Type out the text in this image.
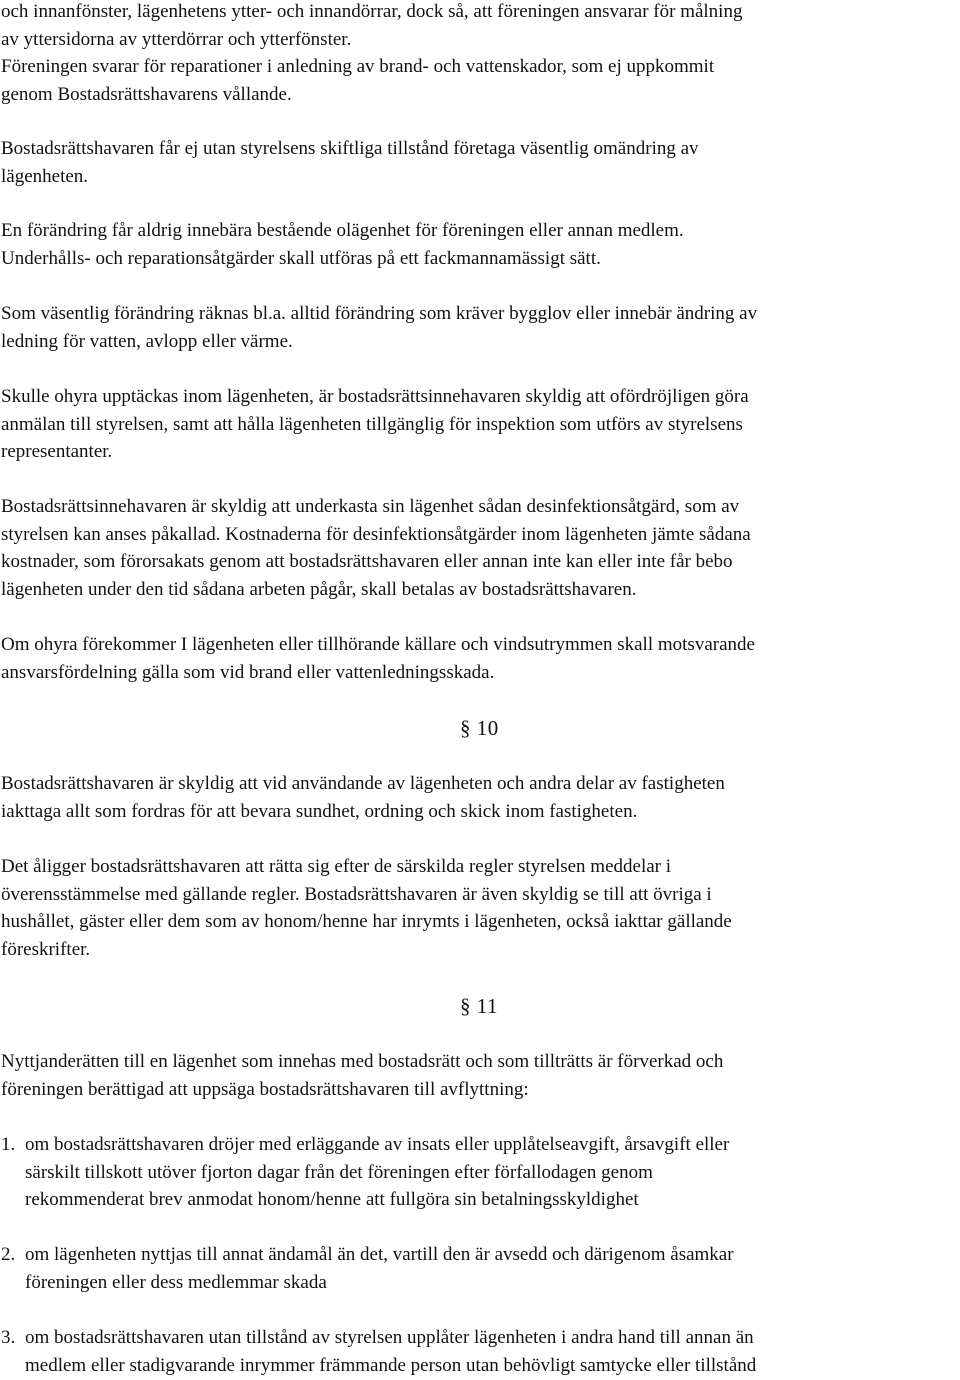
och innanfönster, lägenhetens ytter- och innandörrar, dock så, att föreningen ansvarar för målning
av yttersidorna av ytterdörrar och ytterfönster.
Föreningen svarar för reparationer i anledning av brand- och vattenskador, som ej uppkommit
genom Bostadsrättshavarens vållande.
Bostadsrättshavaren får ej utan styrelsens skiftliga tillstånd företaga väsentlig omändring av
lägenheten.
En förändring får aldrig innebära bestående olägenhet för föreningen eller annan medlem.
Underhålls- och reparationsåtgärder skall utföras på ett fackmannamässigt sätt.
Som väsentlig förändring räknas bl.a. alltid förändring som kräver bygglov eller innebär ändring av
ledning för vatten, avlopp eller värme.
Skulle ohyra upptäckas inom lägenheten, är bostadsrättsinnehavaren skyldig att ofördröjligen göra
anmälan till styrelsen, samt att hålla lägenheten tillgänglig för inspektion som utförs av styrelsens
representanter.
Bostadsrättsinnehavaren är skyldig att underkasta sin lägenhet sådan desinfektionsåtgärd, som av
styrelsen kan anses påkallad. Kostnaderna för desinfektionsåtgärder inom lägenheten jämte sådana
kostnader, som förorsakats genom att bostadsrättshavaren eller annan inte kan eller inte får bebo
lägenheten under den tid sådana arbeten pågår, skall betalas av bostadsrättshavaren.
Om ohyra förekommer I lägenheten eller tillhörande källare och vindsutrymmen skall motsvarande
ansvarsfördelning gälla som vid brand eller vattenledningsskada.
§ 10
Bostadsrättshavaren är skyldig att vid användande av lägenheten och andra delar av fastigheten
iakttaga allt som fordras för att bevara sundhet, ordning och skick inom fastigheten.
Det åligger bostadsrättshavaren att rätta sig efter de särskilda regler styrelsen meddelar i
överensstämmelse med gällande regler. Bostadsrättshavaren är även skyldig se till att övriga i
hushållet, gäster eller dem som av honom/henne har inrymts i lägenheten, också iakttar gällande
föreskrifter.
§ 11
Nyttjanderätten till en lägenhet som innehas med bostadsrätt och som tillträtts är förverkad och
föreningen berättigad att uppsäga bostadsrättshavaren till avflyttning:
1. om bostadsrättshavaren dröjer med erläggande av insats eller upplåtelseavgift, årsavgift eller
särskilt tillskott utöver fjorton dagar från det föreningen efter förfallodagen genom
rekommenderat brev anmodat honom/henne att fullgöra sin betalningsskyldighet
2. om lägenheten nyttjas till annat ändamål än det, vartill den är avsedd och därigenom åsamkar
föreningen eller dess medlemmar skada
3. om bostadsrättshavaren utan tillstånd av styrelsen upplåter lägenheten i andra hand till annan än
medlem eller stadigvarande inrymmer främmande person utan behövligt samtycke eller tillstånd
